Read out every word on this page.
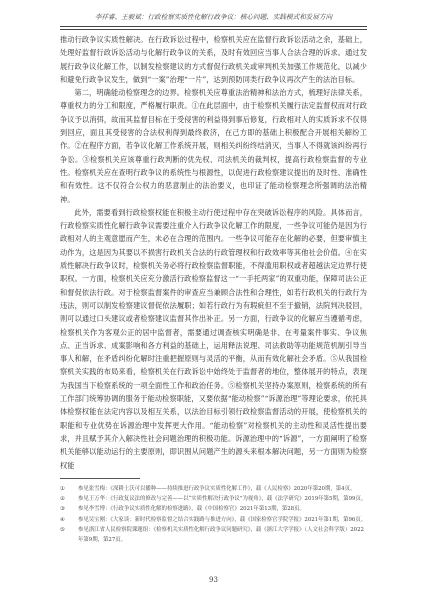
李祥睿、王毅斌：行政检察实质性化解行政争议：核心问题、实践模式和发展方向

推动行政争议实质性解决。在行政诉讼过程中，检察机关应在监督行政诉讼活动之余，基础上，处理好监督行政诉讼活动与化解行政争议的关系，及时有效回应当事人合法合理的诉求。通过发展行政争议化解工作，以制发检察建议的方式督促行政机关或审判机关加强工作规范化，以减少和避免行政争议发生，做到“一案”治理“一片”，达到预防同类行政争议再次产生的法治目标。

第二，明确能动检察理念的边界。检察机关应尊重法治精神和法治方式，梳理好法律关系，尊重权力的分工和限度，严格履行职责。①在此层面中，由于检察机关履行法定监督权而对行政争议予以消弭，故而其监督目标在于受侵害的利益得到事后修复，行政相对人的实质诉求不仅得到回应，面且其受侵害的合法权利得到最终救济，在己方即的基础上积极配合开展相关解纷工作。②在程序方面，若争议化解工作系统开展，则相关纠纷终结消灭，当事人不得就该纠纷再行争讼。③检察机关应该尊重行政判断的优先权、司法机关的裁判权，提高行政检察监督的专业性。检察机关应在查明行政争议的系统性与根源性，以促进行政检察建议提出的及时性、准确性和有效性。这不仅符合公权力的恶意制止的法治要义，也印证了能动检察理念所强调的法治精神。

此外，需要看到行政检察权能在积极主动行使过程中存在突破诉讼程序的风险。具体而言，行政检察实质性化解行政争议需要注重介入行政争议化解工作的限度，一些争议可能仍是因为行政相对人的主观意愿而产生，未必在合理的范围内。一些争议可能存在化解的必要，但要审慎主动作为，这是因为其要以不损害行政机关合法的行政管理权和行政效率等其他社会价值。④在实质性解决行政争议时，检察机关务必将行政检察监督职能，不得滥用职权或者超越法定边界行使职权。一方面，检察机关应充分激活行政检察监督这一“一手托两家”的双重功能，保障司法公正和督促依法行政。对于检察监督案件的审查应当兼顾合法性和合理性，如若行政机关的行政行为违法，则可以制发检察建议督促依法履职；如若行政行为有瑕疵但不至于撤销，法院判决驳回，则可以通过口头建议或者检察建议监督其作出补正。另一方面，行政争议的化解应当遵循考虑，检察机关作为客观公正的居中监督者，需要通过调查核实明确是非、在考量案件事实、争议焦点、正当诉求、成案影响和各方利益的基础上，运用释法说理、司法救助等功能规范机制引导当事人和解，在矛盾纠纷化解时注重把握原则与灵活的平衡，从而有效化解社会矛盾。⑤从我国检察机关实践的布局来看，检察机关在行政诉讼中始终处于监督者的地位，整体展开的特点，表现为我国当下检察系统的一项全面性工作和政治任务。⑤检察机关坚持办案原则，检察系统的所有工作部门统筹协调的服务于能动检察职能，又要依据“能动检察”“诉源治理”等理论要求，依托具体检察权能在法定内容以及相互关系，以法治目标引领行政检察监督活动的开展，使检察机关的职能和专业优势在诉源治理中发挥更大作用。“能动检察”对检察机关的主动性和灵活性提出要求，并且赋予其介入解决性社会问题治理的积极功能。诉源治理中的“诉源”，一方面阐明了检察机关能够以能动运行的主要原则，即识围从问题产生的源头来根本解决问题，另一方面则为检察权能

① 参见张雪梅：《深耕土沃可以播种——持续推进行政争议实质性化解工作》，载《人民检察》2020年第20期，第4页。
② 参见王万华：《行政复议法的修改与完善——以“实质性解决行政争议”为视角》，载《法学研究》2019年第5期，第99页。
③ 参见李雪博：《行政争议实质性化解的检察进路》，载《中国检察官》2021年第13期，第28页。
④ 参见吴宝刚：《大家谈：新时代检察监督之结合实践路与推进方向》，载《国家检察官学院学报》2021年第1期，第96页。
⑤ 参见浙江省人民检察院课题组：《检察机关实质性化解行政争议问题研究》，载《浙江大学学报》（人文社会科学版）2022年第9期，第27页。
93
